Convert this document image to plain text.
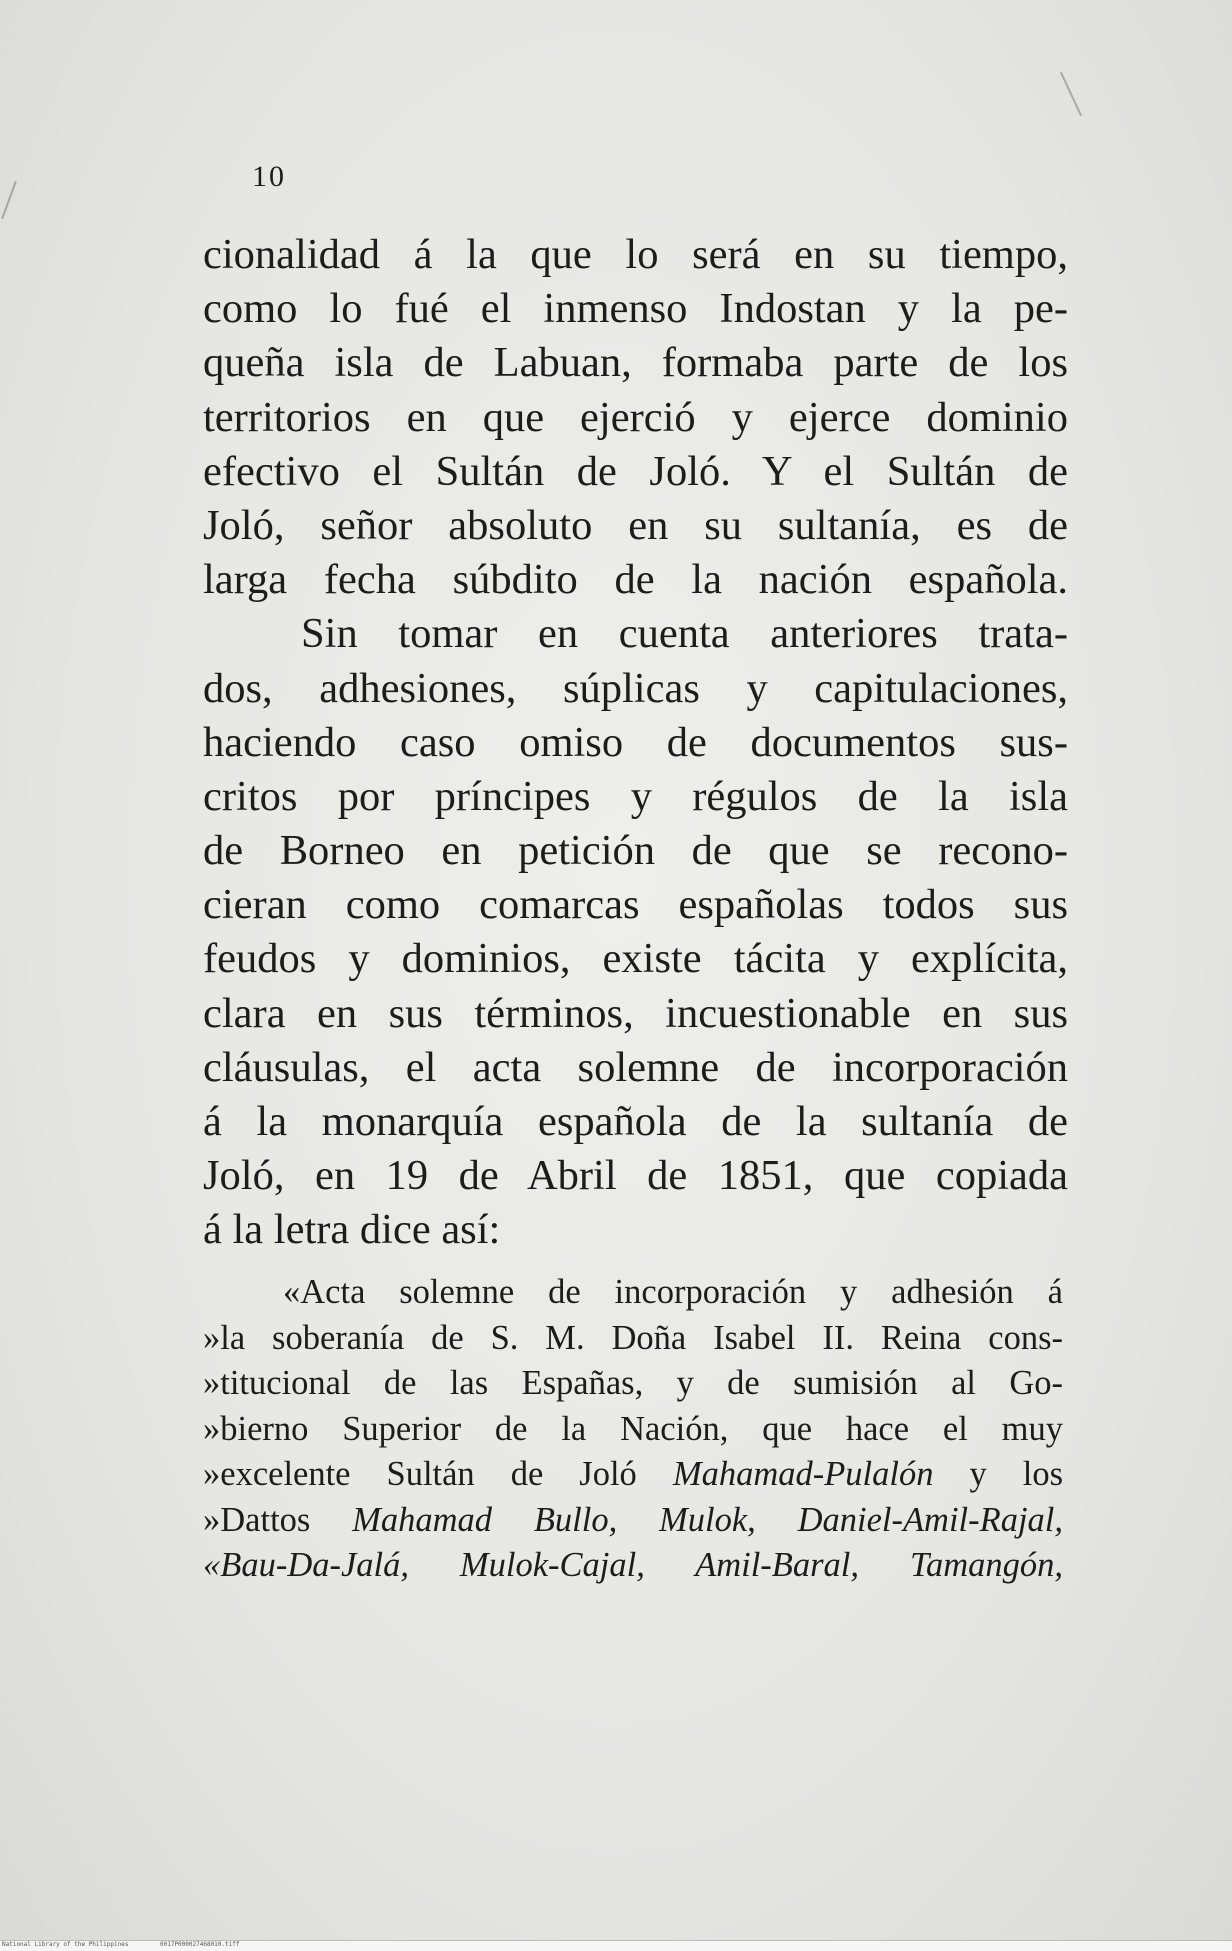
10
cionalidad á la que lo será en su tiempo,
como lo fué el inmenso Indostan y la pe-
queña isla de Labuan, formaba parte de los
territorios en que ejerció y ejerce dominio
efectivo el Sultán de Joló. Y el Sultán de
Joló, señor absoluto en su sultanía, es de
larga fecha súbdito de la nación española.
Sin tomar en cuenta anteriores trata-
dos, adhesiones, súplicas y capitulaciones,
haciendo caso omiso de documentos sus-
critos por príncipes y régulos de la isla
de Borneo en petición de que se recono-
cieran como comarcas españolas todos sus
feudos y dominios, existe tácita y explícita,
clara en sus términos, incuestionable en sus
cláusulas, el acta solemne de incorporación
á la monarquía española de la sultanía de
Joló, en 19 de Abril de 1851, que copiada
á la letra dice así:
«Acta solemne de incorporación y adhesión á
»la soberanía de S. M. Doña Isabel II. Reina cons-
»titucional de las Españas, y de sumisión al Go-
»bierno Superior de la Nación, que hace el muy
»excelente Sultán de Joló Mahamad-Pulalón y los
»Dattos Mahamad Bullo, Mulok, Daniel-Amil-Rajal,
«Bau-Da-Jalá, Mulok-Cajal, Amil-Baral, Tamangón,
National Library of the Philippines	0017P000027468010.tiff
